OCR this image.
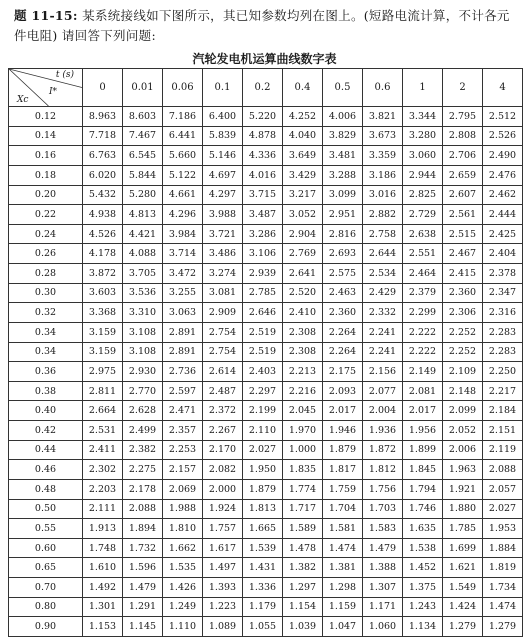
题 11-15: 某系统接线如下图所示，其已知参数均列在图上。(短路电流计算，不计各元件电阻) 请回答下列问题:
汽轮发电机运算曲线数字表
t (s)
I*
Xc	0	0.01	0.06	0.1	0.2	0.4	0.5	0.6	1	2	4
0.12	8.963	8.603	7.186	6.400	5.220	4.252	4.006	3.821	3.344	2.795	2.512
0.14	7.718	7.467	6.441	5.839	4.878	4.040	3.829	3.673	3.280	2.808	2.526
0.16	6.763	6.545	5.660	5.146	4.336	3.649	3.481	3.359	3.060	2.706	2.490
0.18	6.020	5.844	5.122	4.697	4.016	3.429	3.288	3.186	2.944	2.659	2.476
0.20	5.432	5.280	4.661	4.297	3.715	3.217	3.099	3.016	2.825	2.607	2.462
0.22	4.938	4.813	4.296	3.988	3.487	3.052	2.951	2.882	2.729	2.561	2.444
0.24	4.526	4.421	3.984	3.721	3.286	2.904	2.816	2.758	2.638	2.515	2.425
0.26	4.178	4.088	3.714	3.486	3.106	2.769	2.693	2.644	2.551	2.467	2.404
0.28	3.872	3.705	3.472	3.274	2.939	2.641	2.575	2.534	2.464	2.415	2.378
0.30	3.603	3.536	3.255	3.081	2.785	2.520	2.463	2.429	2.379	2.360	2.347
0.32	3.368	3.310	3.063	2.909	2.646	2.410	2.360	2.332	2.299	2.306	2.316
0.34	3.159	3.108	2.891	2.754	2.519	2.308	2.264	2.241	2.222	2.252	2.283
0.34	3.159	3.108	2.891	2.754	2.519	2.308	2.264	2.241	2.222	2.252	2.283
0.36	2.975	2.930	2.736	2.614	2.403	2.213	2.175	2.156	2.149	2.109	2.250
0.38	2.811	2.770	2.597	2.487	2.297	2.216	2.093	2.077	2.081	2.148	2.217
0.40	2.664	2.628	2.471	2.372	2.199	2.045	2.017	2.004	2.017	2.099	2.184
0.42	2.531	2.499	2.357	2.267	2.110	1.970	1.946	1.936	1.956	2.052	2.151
0.44	2.411	2.382	2.253	2.170	2.027	1.000	1.879	1.872	1.899	2.006	2.119
0.46	2.302	2.275	2.157	2.082	1.950	1.835	1.817	1.812	1.845	1.963	2.088
0.48	2.203	2.178	2.069	2.000	1.879	1.774	1.759	1.756	1.794	1.921	2.057
0.50	2.111	2.088	1.988	1.924	1.813	1.717	1.704	1.703	1.746	1.880	2.027
0.55	1.913	1.894	1.810	1.757	1.665	1.589	1.581	1.583	1.635	1.785	1.953
0.60	1.748	1.732	1.662	1.617	1.539	1.478	1.474	1.479	1.538	1.699	1.884
0.65	1.610	1.596	1.535	1.497	1.431	1.382	1.381	1.388	1.452	1.621	1.819
0.70	1.492	1.479	1.426	1.393	1.336	1.297	1.298	1.307	1.375	1.549	1.734
0.80	1.301	1.291	1.249	1.223	1.179	1.154	1.159	1.171	1.243	1.424	1.474
0.90	1.153	1.145	1.110	1.089	1.055	1.039	1.047	1.060	1.134	1.279	1.279
